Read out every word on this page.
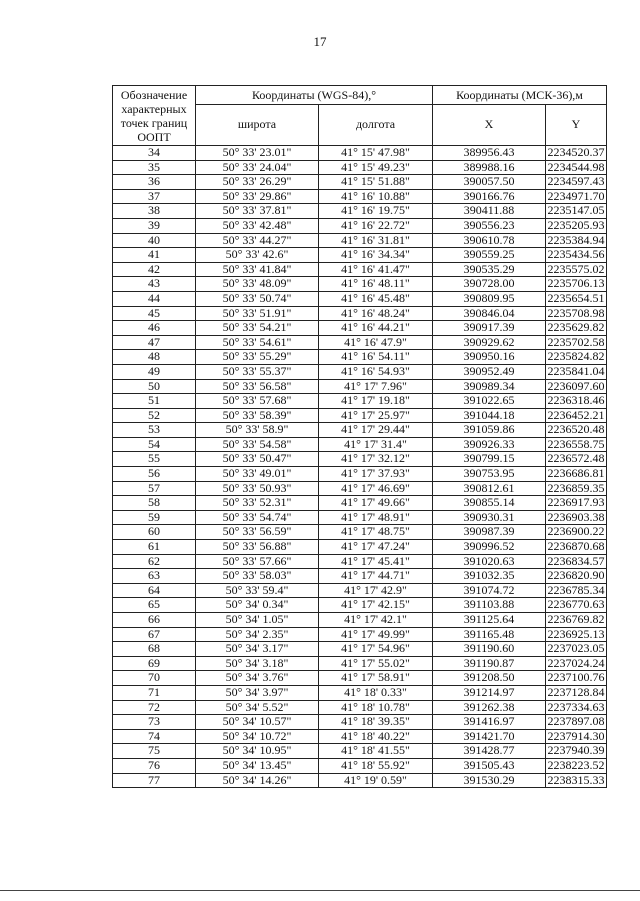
17
Обозначение характерных точек границ ООПТ	Координаты (WGS-84),°		Координаты (МСК-36),м	
	широта	долгота	X	Y
34	50° 33' 23.01"	41° 15' 47.98"	389956.43	2234520.37
35	50° 33' 24.04"	41° 15' 49.23"	389988.16	2234544.98
36	50° 33' 26.29"	41° 15' 51.88"	390057.50	2234597.43
37	50° 33' 29.86"	41° 16' 10.88"	390166.76	2234971.70
38	50° 33' 37.81"	41° 16' 19.75"	390411.88	2235147.05
39	50° 33' 42.48"	41° 16' 22.72"	390556.23	2235205.93
40	50° 33' 44.27"	41° 16' 31.81"	390610.78	2235384.94
41	50° 33' 42.6"	41° 16' 34.34"	390559.25	2235434.56
42	50° 33' 41.84"	41° 16' 41.47"	390535.29	2235575.02
43	50° 33' 48.09"	41° 16' 48.11"	390728.00	2235706.13
44	50° 33' 50.74"	41° 16' 45.48"	390809.95	2235654.51
45	50° 33' 51.91"	41° 16' 48.24"	390846.04	2235708.98
46	50° 33' 54.21"	41° 16' 44.21"	390917.39	2235629.82
47	50° 33' 54.61"	41° 16' 47.9"	390929.62	2235702.58
48	50° 33' 55.29"	41° 16' 54.11"	390950.16	2235824.82
49	50° 33' 55.37"	41° 16' 54.93"	390952.49	2235841.04
50	50° 33' 56.58"	41° 17' 7.96"	390989.34	2236097.60
51	50° 33' 57.68"	41° 17' 19.18"	391022.65	2236318.46
52	50° 33' 58.39"	41° 17' 25.97"	391044.18	2236452.21
53	50° 33' 58.9"	41° 17' 29.44"	391059.86	2236520.48
54	50° 33' 54.58"	41° 17' 31.4"	390926.33	2236558.75
55	50° 33' 50.47"	41° 17' 32.12"	390799.15	2236572.48
56	50° 33' 49.01"	41° 17' 37.93"	390753.95	2236686.81
57	50° 33' 50.93"	41° 17' 46.69"	390812.61	2236859.35
58	50° 33' 52.31"	41° 17' 49.66"	390855.14	2236917.93
59	50° 33' 54.74"	41° 17' 48.91"	390930.31	2236903.38
60	50° 33' 56.59"	41° 17' 48.75"	390987.39	2236900.22
61	50° 33' 56.88"	41° 17' 47.24"	390996.52	2236870.68
62	50° 33' 57.66"	41° 17' 45.41"	391020.63	2236834.57
63	50° 33' 58.03"	41° 17' 44.71"	391032.35	2236820.90
64	50° 33' 59.4"	41° 17' 42.9"	391074.72	2236785.34
65	50° 34' 0.34"	41° 17' 42.15"	391103.88	2236770.63
66	50° 34' 1.05"	41° 17' 42.1"	391125.64	2236769.82
67	50° 34' 2.35"	41° 17' 49.99"	391165.48	2236925.13
68	50° 34' 3.17"	41° 17' 54.96"	391190.60	2237023.05
69	50° 34' 3.18"	41° 17' 55.02"	391190.87	2237024.24
70	50° 34' 3.76"	41° 17' 58.91"	391208.50	2237100.76
71	50° 34' 3.97"	41° 18' 0.33"	391214.97	2237128.84
72	50° 34' 5.52"	41° 18' 10.78"	391262.38	2237334.63
73	50° 34' 10.57"	41° 18' 39.35"	391416.97	2237897.08
74	50° 34' 10.72"	41° 18' 40.22"	391421.70	2237914.30
75	50° 34' 10.95"	41° 18' 41.55"	391428.77	2237940.39
76	50° 34' 13.45"	41° 18' 55.92"	391505.43	2238223.52
77	50° 34' 14.26"	41° 19' 0.59"	391530.29	2238315.33
